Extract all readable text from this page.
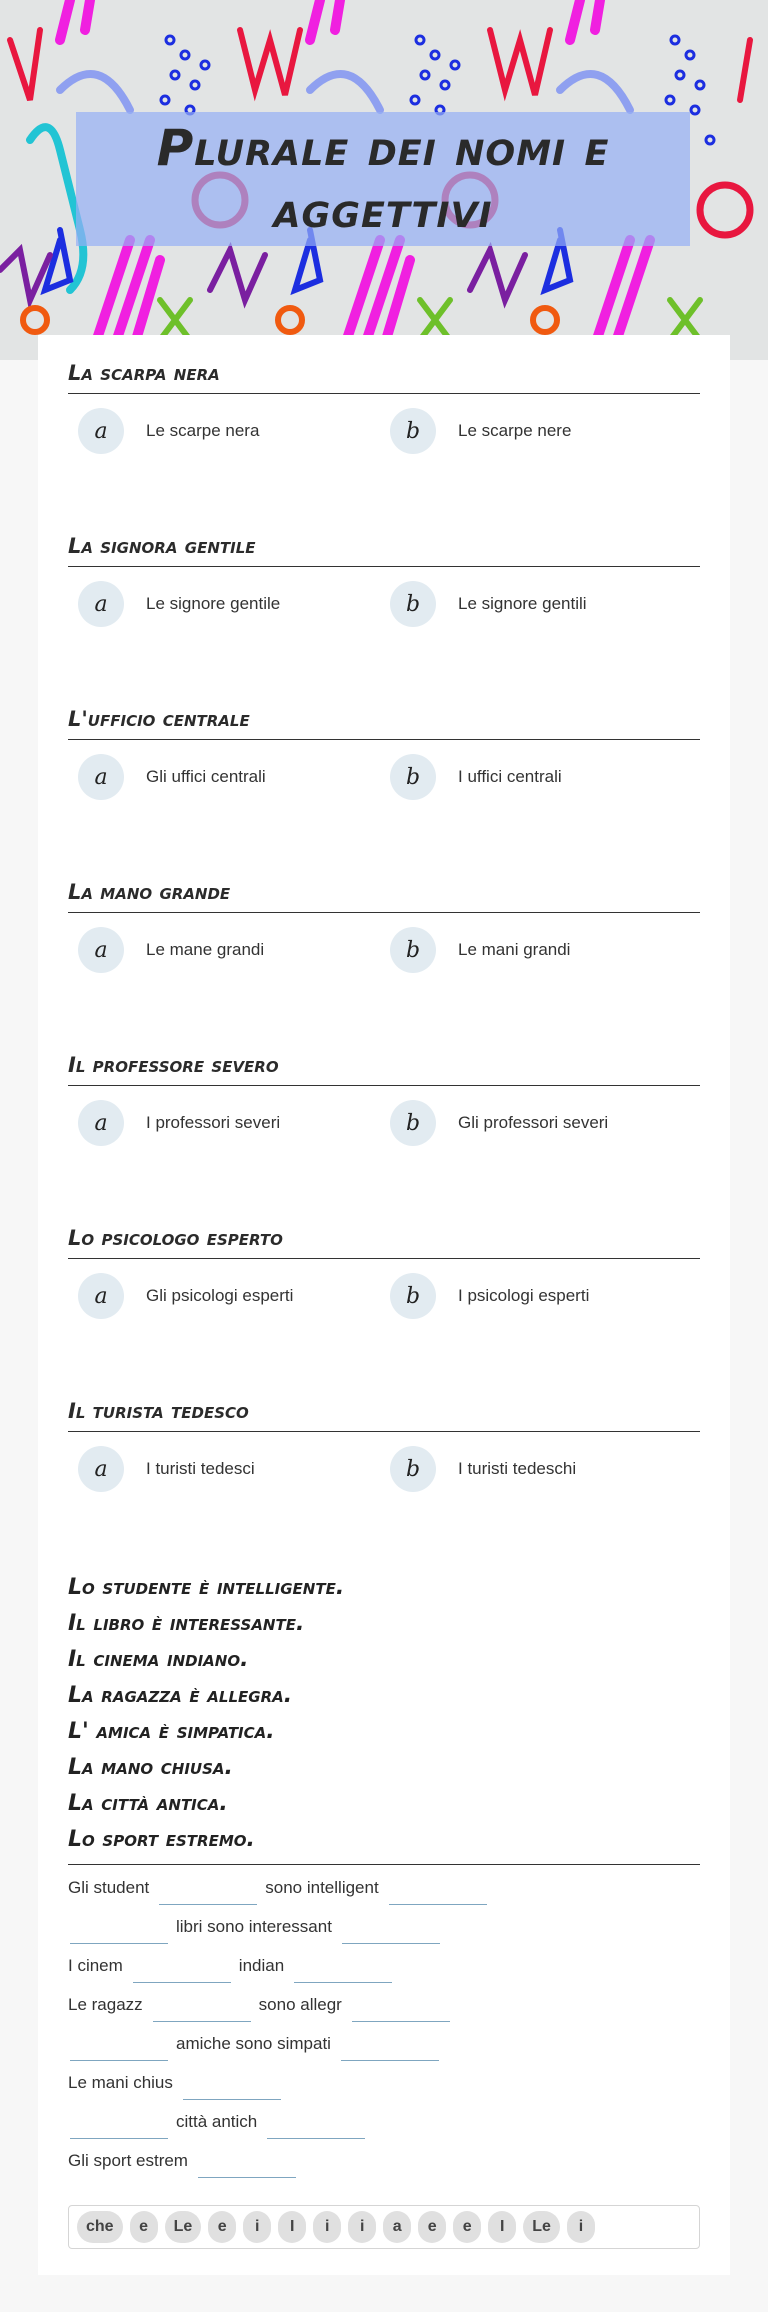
Plurale dei nomi e aggettivi
La scarpa nera
a	Le scarpe nera	b	Le scarpe nere
La signora gentile
a	Le signore gentile	b	Le signore gentili
L'ufficio centrale
a	Gli uffici centrali	b	I uffici centrali
La mano grande
a	Le mane grandi	b	Le mani grandi
Il professore severo
a	I professori severi	b	Gli professori severi
Lo psicologo esperto
a	Gli psicologi esperti	b	I psicologi esperti
Il turista tedesco
a	I turisti tedesci	b	I turisti tedeschi
Lo studente è intelligente.
Il libro è interessante.
Il cinema indiano.
La ragazza è allegra.
L' amica è simpatica.
La mano chiusa.
La città antica.
Lo sport estremo.
Gli student	sono intelligent
libri sono interessant
I cinem	indian
Le ragazz	sono allegr
amiche sono simpati
Le mani chius
città antich
Gli sport estrem
che	e	Le	e	i	I	i	i	a	e	e	I	Le	i
